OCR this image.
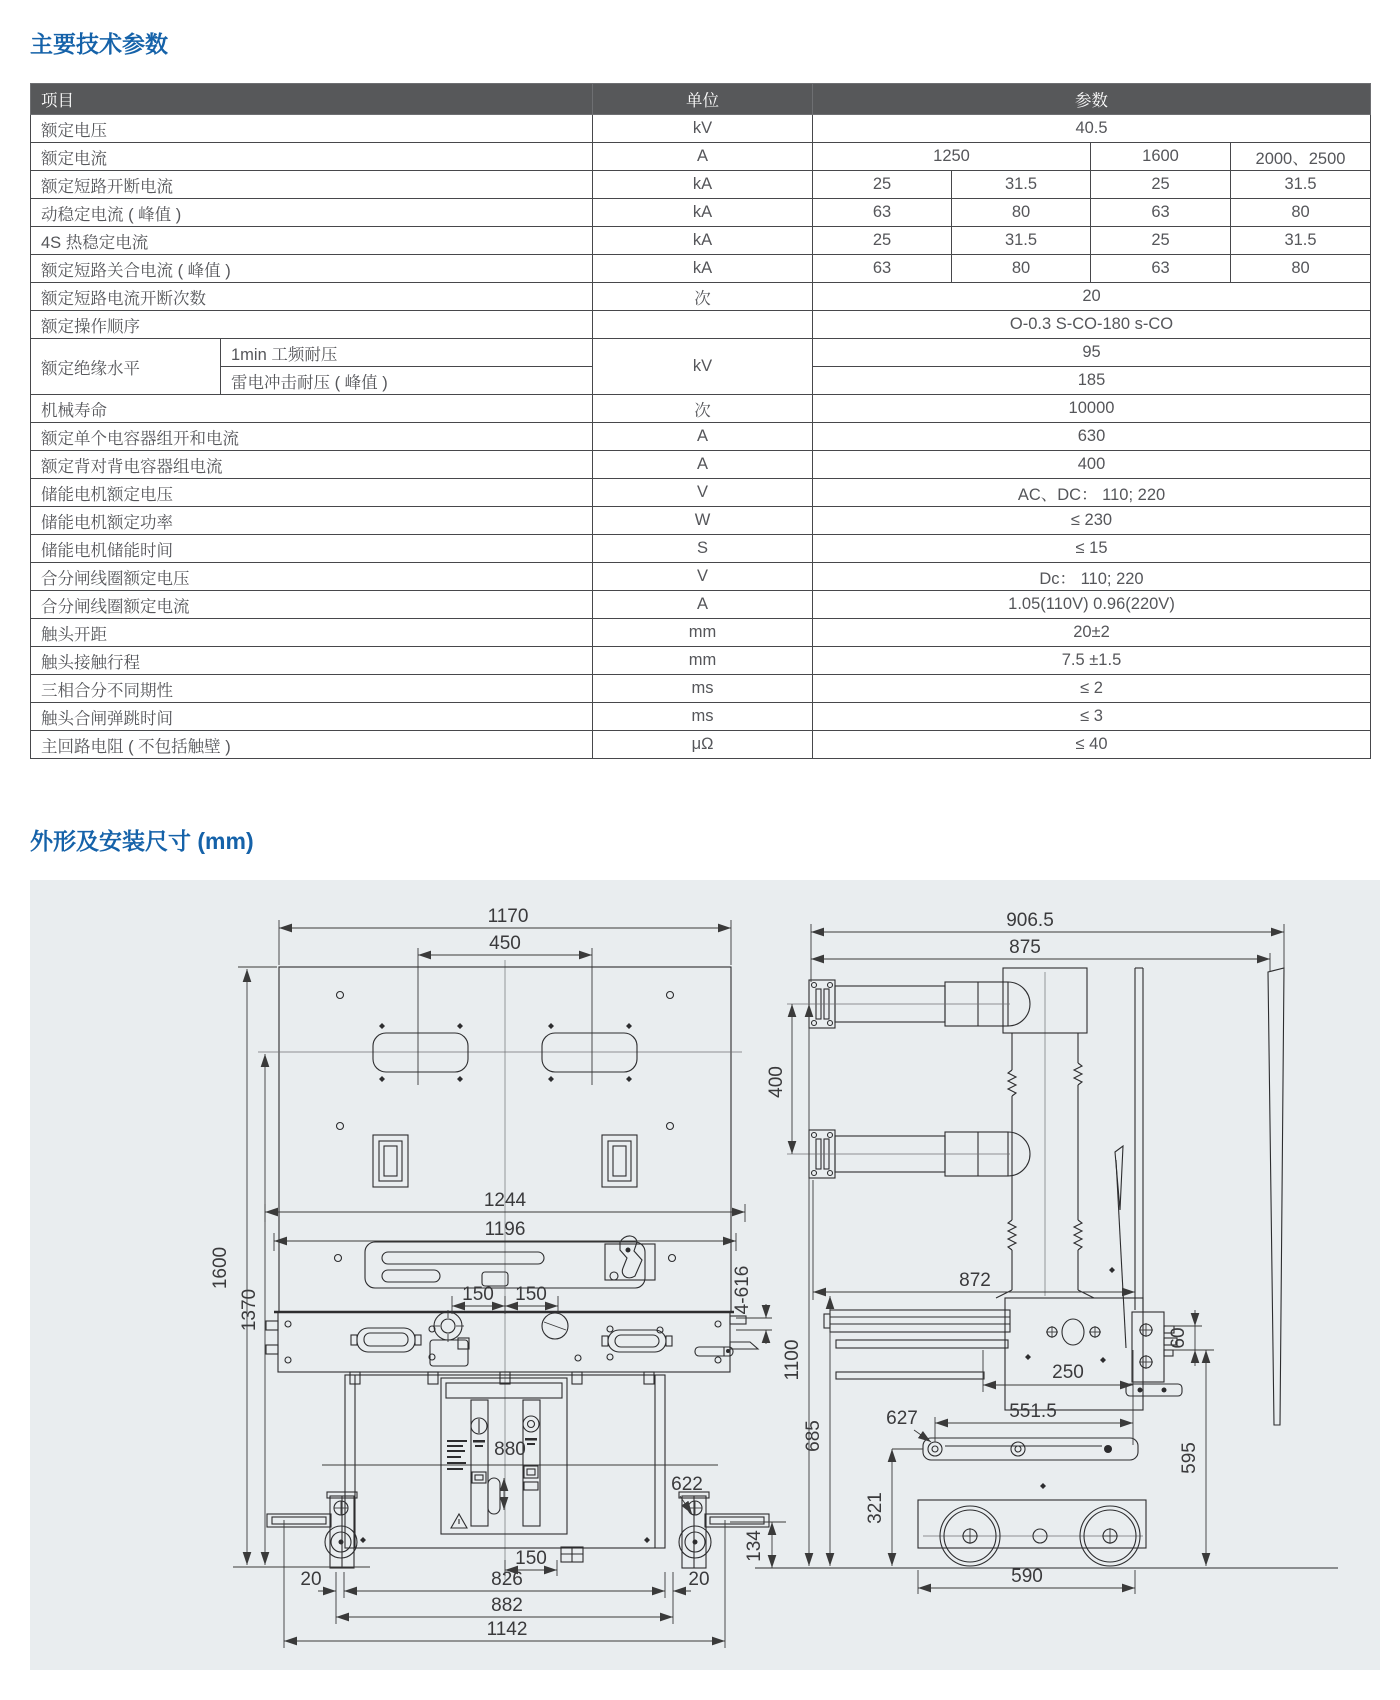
主要技术参数
项目		单位	参数			
额定电压		kV	40.5			
额定电流		A	1250		1600	2000、2500
额定短路开断电流		kA	25	31.5	25	31.5
动稳定电流 ( 峰值 )		kA	63	80	63	80
4S 热稳定电流		kA	25	31.5	25	31.5
额定短路关合电流 ( 峰值 )		kA	63	80	63	80
额定短路电流开断次数		次	20			
额定操作顺序			O-0.3 S-CO-180 s-CO			
额定绝缘水平	1min 工频耐压	kV	95			
	雷电冲击耐压 ( 峰值 )		185			
机械寿命		次	10000			
额定单个电容器组开和电流		A	630			
额定背对背电容器组电流		A	400			
储能电机额定电压		V	AC、DC： 110; 220			
储能电机额定功率		W	≤ 230			
储能电机储能时间		S	≤ 15			
合分闸线圈额定电压		V	Dc： 110; 220			
合分闸线圈额定电流		A	1.05(110V) 0.96(220V)			
触头开距		mm	20±2			
触头接触行程		mm	7.5 ±1.5			
三相合分不同期性		ms	≤ 2			
触头合闸弹跳时间		ms	≤ 3			
主回路电阻 ( 不包括触壁 )		μΩ	≤ 40			
外形及安装尺寸 (mm)
1170
450
1244
1196
150 150
1600
1370
880
4-616
622
150
20	826	20
882
1142
906.5
875
400
1100
872
685
134
250
60
595
551.5
627
321
590
